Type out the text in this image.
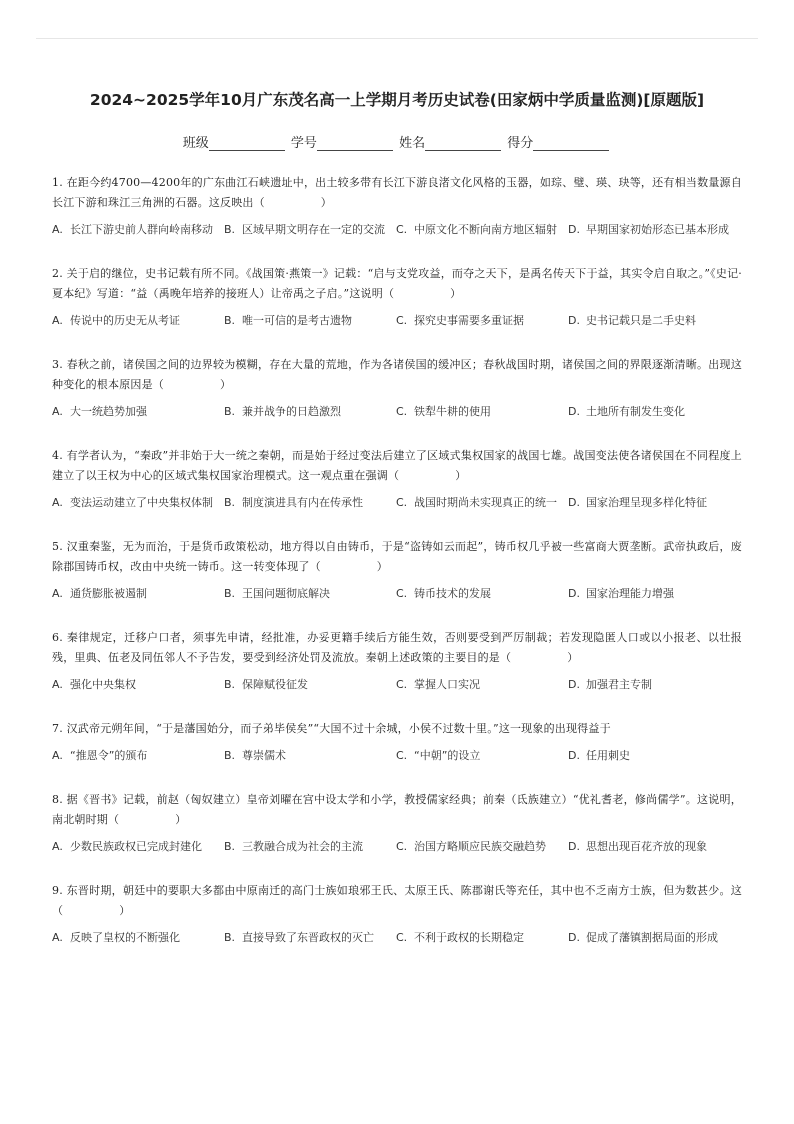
2024~2025学年10月广东茂名高一上学期月考历史试卷(田家炳中学质量监测)[原题版]
班级	学号	姓名	得分

1. 在距今约4700—4200年的广东曲江石峡遗址中，出土较多带有长江下游良渚文化风格的玉器，如琮、璧、瑛、玦等，还有相当数量源自长江下游和珠江三角洲的石器。这反映出（　　　　　）

A. 长江下游史前人群向岭南移动	B. 区域早期文明存在一定的交流	C. 中原文化不断向南方地区辐射	D. 早期国家初始形态已基本形成

2. 关于启的继位，史书记载有所不同。《战国策·燕策一》记载：“启与支党攻益，而夺之天下，是禹名传天下于益，其实令启自取之。”《史记·夏本纪》写道：“益（禹晚年培养的接班人）让帝禹之子启。”这说明（　　　　　）

A. 传说中的历史无从考证	B. 唯一可信的是考古遗物	C. 探究史事需要多重证据	D. 史书记载只是二手史料

3. 春秋之前，诸侯国之间的边界较为模糊，存在大量的荒地，作为各诸侯国的缓冲区；春秋战国时期，诸侯国之间的界限逐渐清晰。出现这种变化的根本原因是（　　　　　）

A. 大一统趋势加强	B. 兼并战争的日趋激烈	C. 铁犁牛耕的使用	D. 土地所有制发生变化

4. 有学者认为，“秦政”并非始于大一统之秦朝，而是始于经过变法后建立了区域式集权国家的战国七雄。战国变法使各诸侯国在不同程度上建立了以王权为中心的区域式集权国家治理模式。这一观点重在强调（　　　　　）

A. 变法运动建立了中央集权体制	B. 制度演进具有内在传承性	C. 战国时期尚未实现真正的统一	D. 国家治理呈现多样化特征

5. 汉重秦鉴，无为而治，于是货币政策松动，地方得以自由铸币，于是“盗铸如云而起”，铸币权几乎被一些富商大贾垄断。武帝执政后，废除郡国铸币权，改由中央统一铸币。这一转变体现了（　　　　　）

A. 通货膨胀被遏制	B. 王国问题彻底解决	C. 铸币技术的发展	D. 国家治理能力增强

6. 秦律规定，迁移户口者，须事先申请，经批准，办妥更籍手续后方能生效，否则要受到严厉制裁；若发现隐匿人口或以小报老、以壮报残，里典、伍老及同伍邻人不予告发，要受到经济处罚及流放。秦朝上述政策的主要目的是（　　　　　）

A. 强化中央集权	B. 保障赋役征发	C. 掌握人口实况	D. 加强君主专制

7. 汉武帝元朔年间，“于是藩国始分，而子弟毕侯矣”“大国不过十余城，小侯不过数十里。”这一现象的出现得益于

A. “推恩令”的颁布	B. 尊崇儒术	C. “中朝”的设立	D. 任用刺史

8. 据《晋书》记载，前赵（匈奴建立）皇帝刘曜在宫中设太学和小学，教授儒家经典；前秦（氐族建立）“优礼耆老，修尚儒学”。这说明，南北朝时期（　　　　　）

A. 少数民族政权已完成封建化	B. 三教融合成为社会的主流	C. 治国方略顺应民族交融趋势	D. 思想出现百花齐放的现象

9. 东晋时期，朝廷中的要职大多都由中原南迁的高门士族如琅邪王氏、太原王氏、陈郡谢氏等充任，其中也不乏南方士族，但为数甚少。这（　　　　　）

A. 反映了皇权的不断强化	B. 直接导致了东晋政权的灭亡	C. 不利于政权的长期稳定	D. 促成了藩镇割据局面的形成
